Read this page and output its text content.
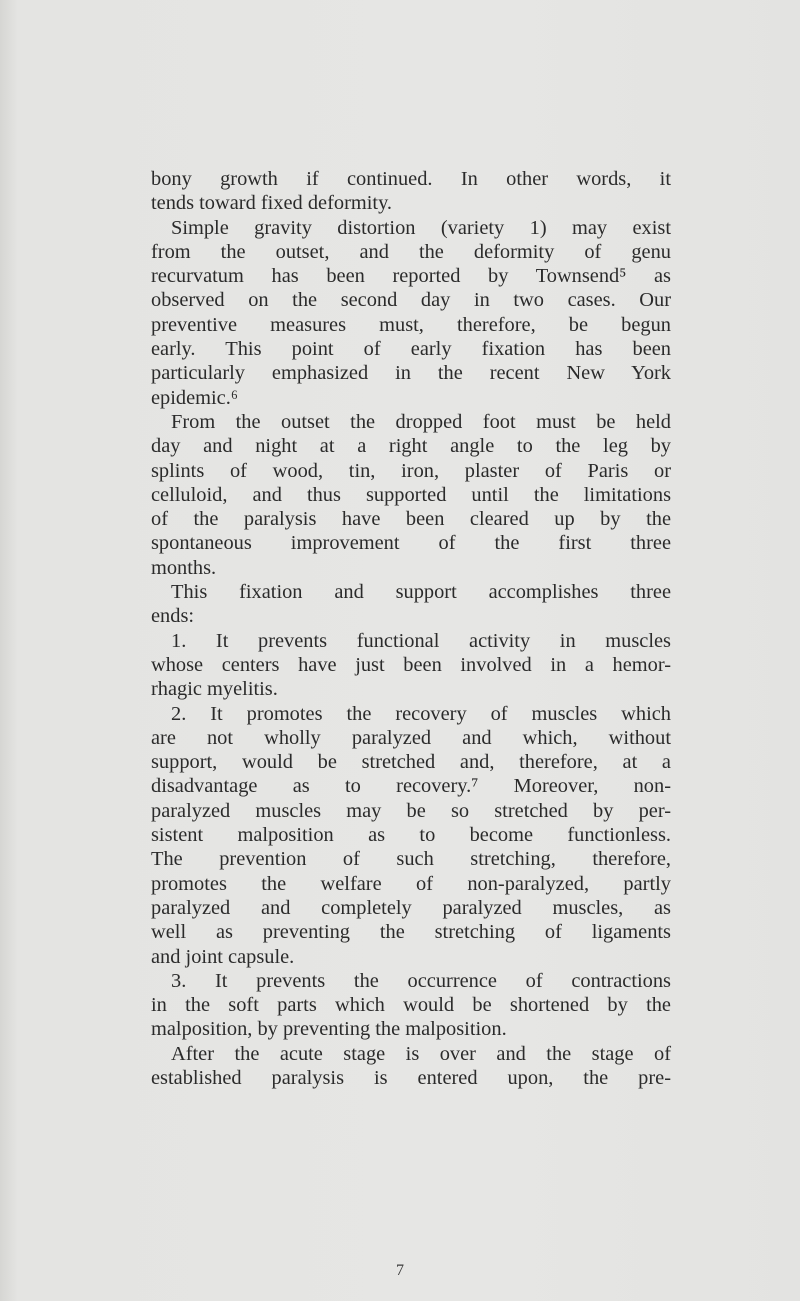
bony growth if continued. In other words, it
tends toward fixed deformity.
Simple gravity distortion (variety 1) may exist
from the outset, and the deformity of genu
recurvatum has been reported by Townsend⁵ as
observed on the second day in two cases. Our
preventive measures must, therefore, be begun
early. This point of early fixation has been
particularly emphasized in the recent New York
epidemic.⁶
From the outset the dropped foot must be held
day and night at a right angle to the leg by
splints of wood, tin, iron, plaster of Paris or
celluloid, and thus supported until the limitations
of the paralysis have been cleared up by the
spontaneous improvement of the first three
months.
This fixation and support accomplishes three
ends:
1. It prevents functional activity in muscles
whose centers have just been involved in a hemor-
rhagic myelitis.
2. It promotes the recovery of muscles which
are not wholly paralyzed and which, without
support, would be stretched and, therefore, at a
disadvantage as to recovery.⁷ Moreover, non-
paralyzed muscles may be so stretched by per-
sistent malposition as to become functionless.
The prevention of such stretching, therefore,
promotes the welfare of non-paralyzed, partly
paralyzed and completely paralyzed muscles, as
well as preventing the stretching of ligaments
and joint capsule.
3. It prevents the occurrence of contractions
in the soft parts which would be shortened by the
malposition, by preventing the malposition.
After the acute stage is over and the stage of
established paralysis is entered upon, the pre-
7
